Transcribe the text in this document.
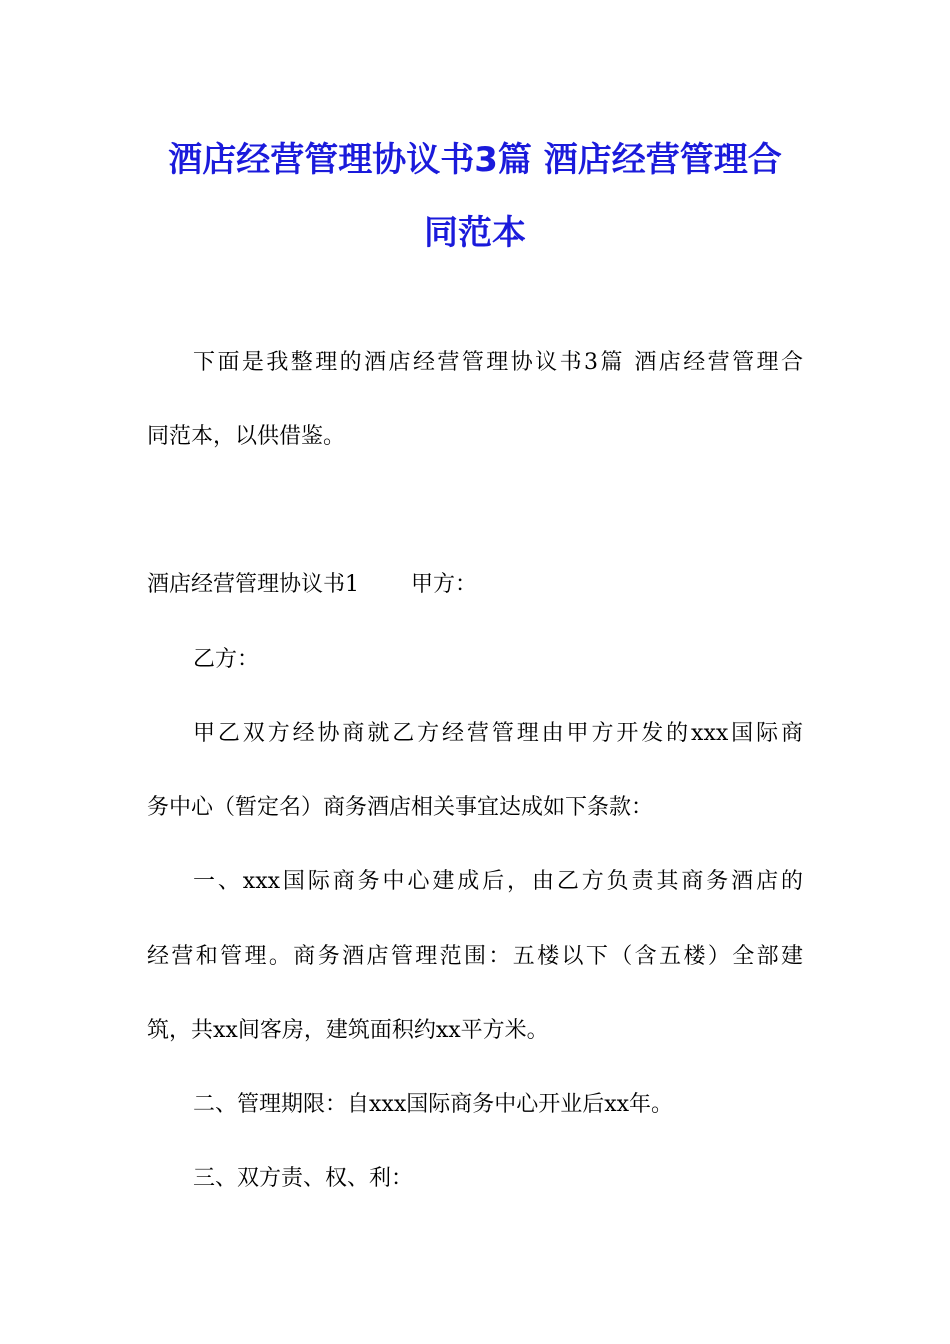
酒店经营管理协议书3篇 酒店经营管理合
同范本
下面是我整理的酒店经营管理协议书3篇 酒店经营管理合
同范本，以供借鉴。
酒店经营管理协议书1 甲方：
乙方：
甲乙双方经协商就乙方经营管理由甲方开发的xxx国际商
务中心（暂定名）商务酒店相关事宜达成如下条款：
一、xxx国际商务中心建成后，由乙方负责其商务酒店的
经营和管理。商务酒店管理范围：五楼以下（含五楼）全部建
筑，共xx间客房，建筑面积约xx平方米。
二、管理期限：自xxx国际商务中心开业后xx年。
三、双方责、权、利：
